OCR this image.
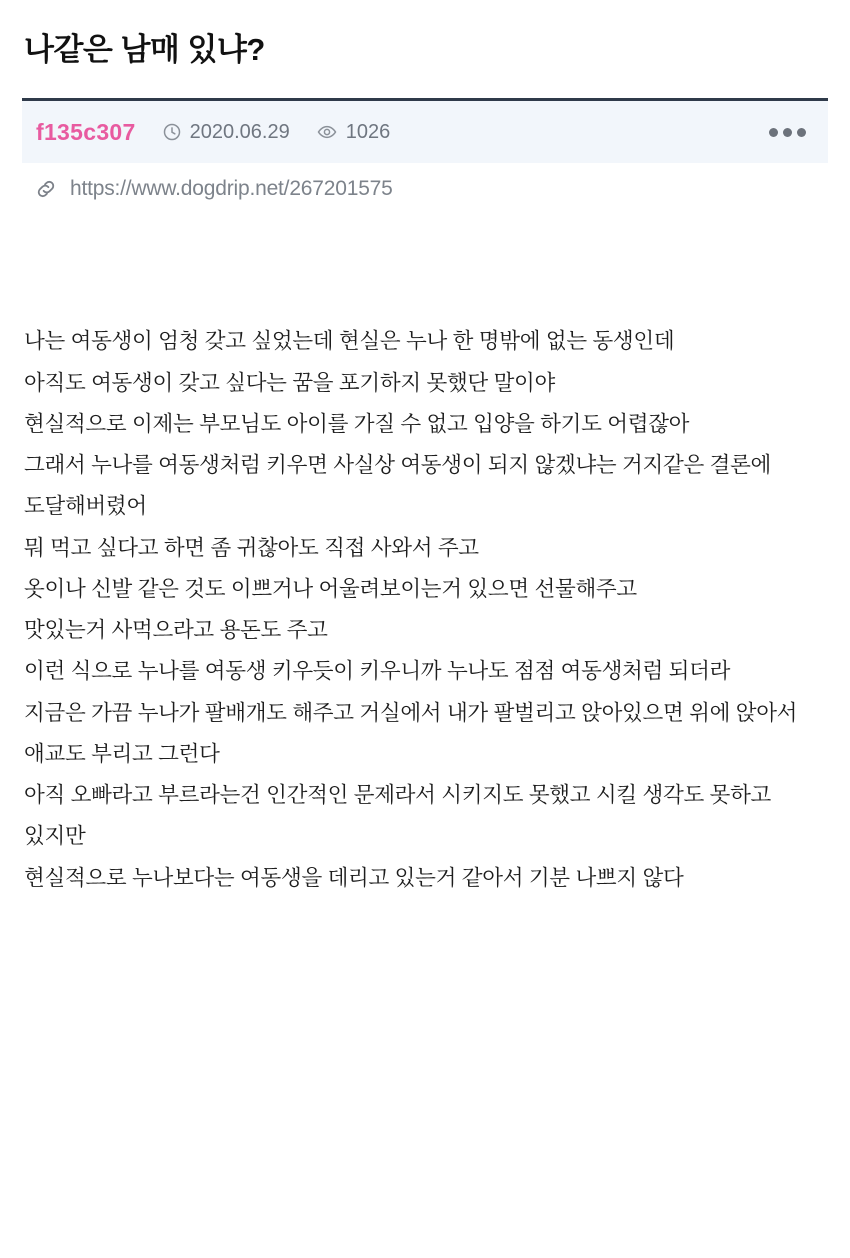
나같은 남매 있냐?
f135c307	2020.06.29	1026
https://www.dogdrip.net/267201575

나는 여동생이 엄청 갖고 싶었는데 현실은 누나 한 명밖에 없는 동생인데

아직도 여동생이 갖고 싶다는 꿈을 포기하지 못했단 말이야

현실적으로 이제는 부모님도 아이를 가질 수 없고 입양을 하기도 어렵잖아

그래서 누나를 여동생처럼 키우면 사실상 여동생이 되지 않겠냐는 거지같은 결론에 도달해버렸어

뭐 먹고 싶다고 하면 좀 귀찮아도 직접 사와서 주고

옷이나 신발 같은 것도 이쁘거나 어울려보이는거 있으면 선물해주고

맛있는거 사먹으라고 용돈도 주고

이런 식으로 누나를 여동생 키우듯이 키우니까 누나도 점점 여동생처럼 되더라

지금은 가끔 누나가 팔배개도 해주고 거실에서 내가 팔벌리고 앉아있으면 위에 앉아서 애교도 부리고 그런다

아직 오빠라고 부르라는건 인간적인 문제라서 시키지도 못했고 시킬 생각도 못하고 있지만

현실적으로 누나보다는 여동생을 데리고 있는거 같아서 기분 나쁘지 않다
